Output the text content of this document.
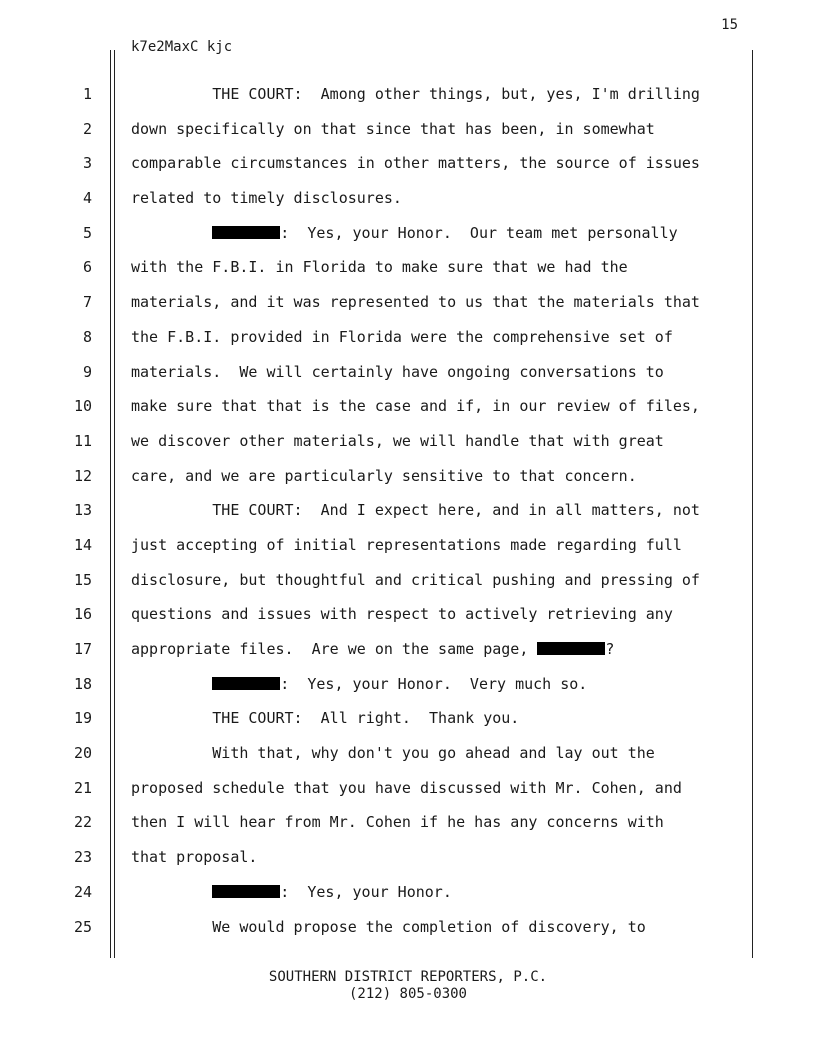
15
k7e2MaxC kjc
1	THE COURT:  Among other things, but, yes, I'm drilling
2	down specifically on that since that has been, in somewhat
3	comparable circumstances in other matters, the source of issues
4	related to timely disclosures.
5	:  Yes, your Honor.  Our team met personally
6	with the F.B.I. in Florida to make sure that we had the
7	materials, and it was represented to us that the materials that
8	the F.B.I. provided in Florida were the comprehensive set of
9	materials.  We will certainly have ongoing conversations to
10	make sure that that is the case and if, in our review of files,
11	we discover other materials, we will handle that with great
12	care, and we are particularly sensitive to that concern.
13	THE COURT:  And I expect here, and in all matters, not
14	just accepting of initial representations made regarding full
15	disclosure, but thoughtful and critical pushing and pressing of
16	questions and issues with respect to actively retrieving any
17	appropriate files.  Are we on the same page,	?
18	:  Yes, your Honor.  Very much so.
19	THE COURT:  All right.  Thank you.
20	With that, why don't you go ahead and lay out the
21	proposed schedule that you have discussed with Mr. Cohen, and
22	then I will hear from Mr. Cohen if he has any concerns with
23	that proposal.
24	:  Yes, your Honor.
25	We would propose the completion of discovery, to
SOUTHERN DISTRICT REPORTERS, P.C.
(212) 805-0300
